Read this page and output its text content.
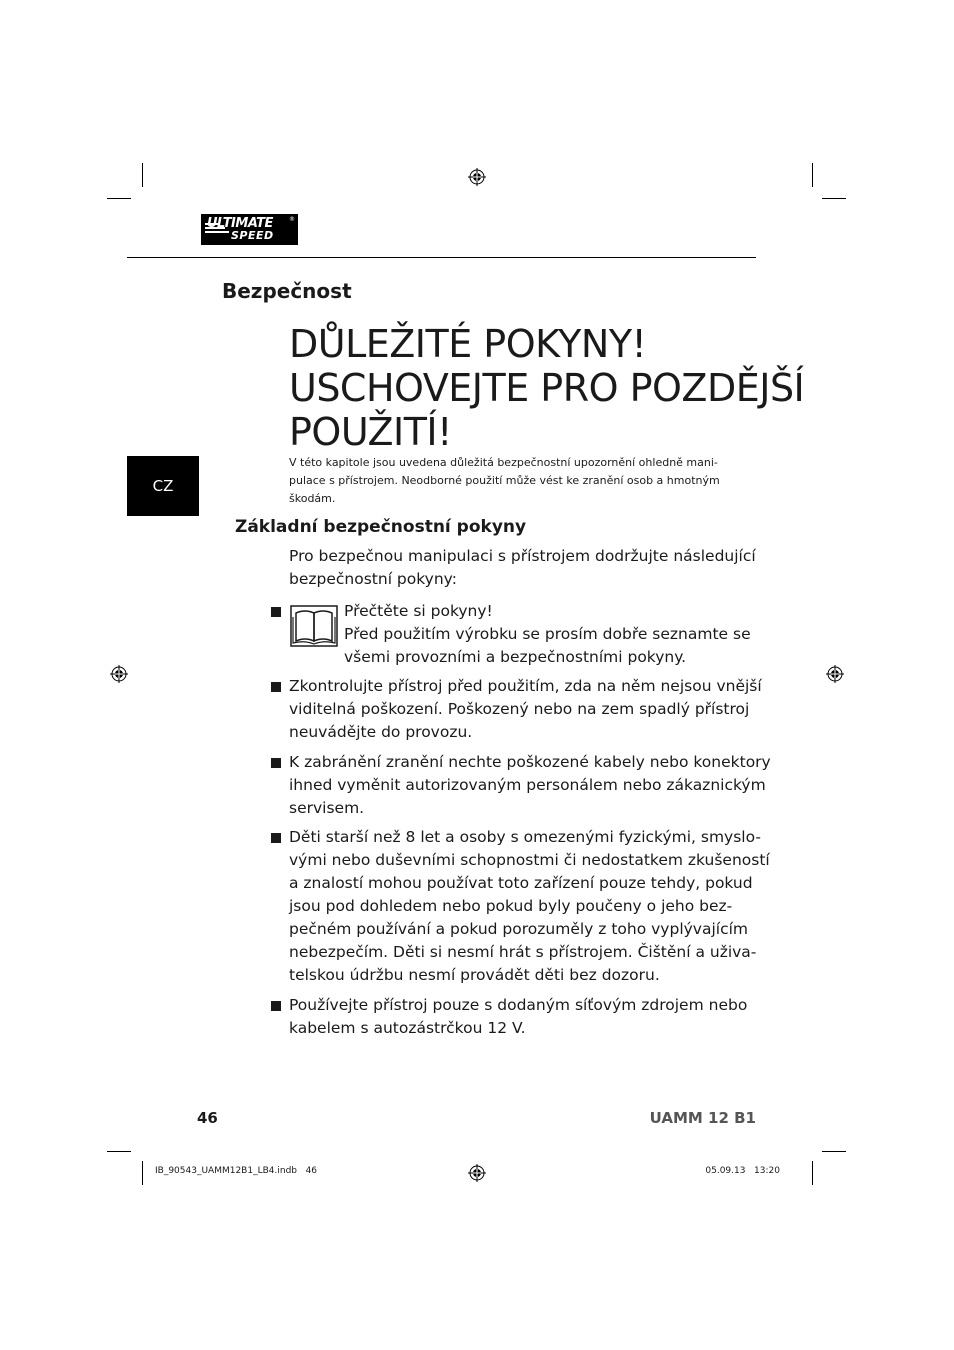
ULTIMATE
SPEED
®
Bezpečnost
DŮLEŽITÉ POKYNY!
USCHOVEJTE PRO POZDĚJŠÍ
POUŽITÍ!
V této kapitole jsou uvedena důležitá bezpečnostní upozornění ohledně mani-
pulace s přístrojem. Neodborné použití může vést ke zranění osob a hmotným
škodám.
CZ
Základní bezpečnostní pokyny
Pro bezpečnou manipulaci s přístrojem dodržujte následující
bezpečnostní pokyny:
Přečtěte si pokyny!
Před použitím výrobku se prosím dobře seznamte se
všemi provozními a bezpečnostními pokyny.
Zkontrolujte přístroj před použitím, zda na něm nejsou vnější
viditelná poškození. Poškozený nebo na zem spadlý přístroj
neuvádějte do provozu.
K zabránění zranění nechte poškozené kabely nebo konektory
ihned vyměnit autorizovaným personálem nebo zákaznickým
servisem.
Děti starší než 8 let a osoby s omezenými fyzickými, smyslo-
vými nebo duševními schopnostmi či nedostatkem zkušeností
a znalostí mohou používat toto zařízení pouze tehdy, pokud
jsou pod dohledem nebo pokud byly poučeny o jeho bez-
pečném používání a pokud porozuměly z toho vyplývajícím
nebezpečím. Děti si nesmí hrát s přístrojem. Čištění a uživa-
telskou údržbu nesmí provádět děti bez dozoru.
Používejte přístroj pouze s dodaným síťovým zdrojem nebo
kabelem s autozástrčkou 12 V.
46	UAMM 12 B1
IB_90543_UAMM12B1_LB4.indb   46	05.09.13   13:20
